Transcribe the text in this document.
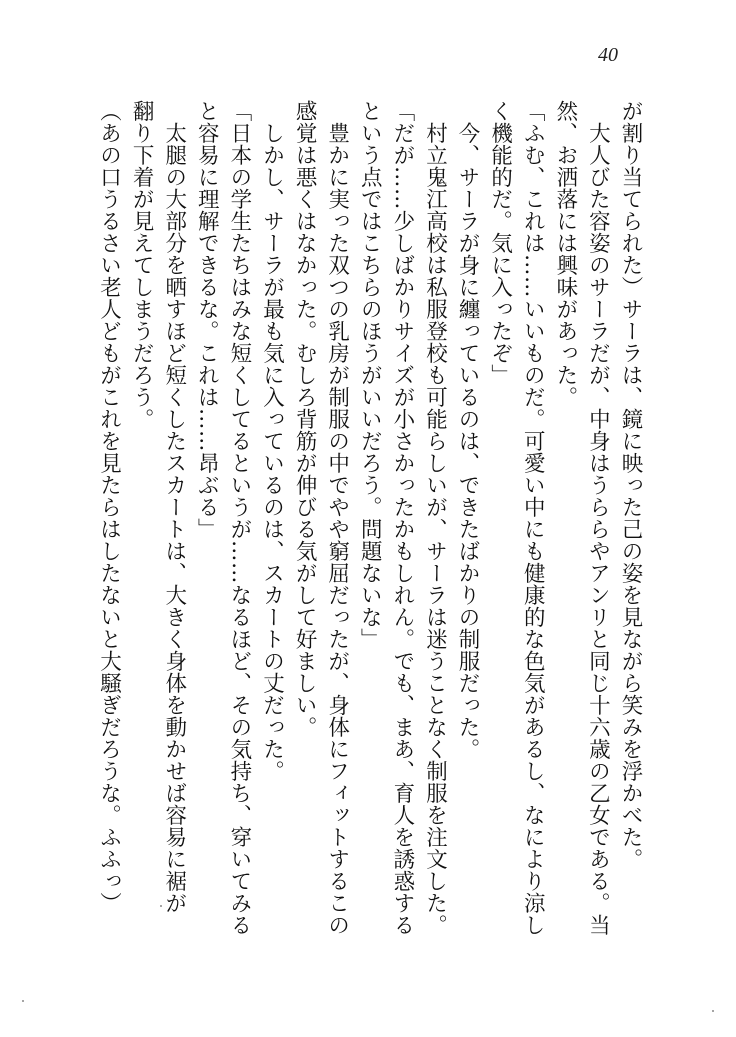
40
が割り当てられた）サーラは、鏡に映った己の姿を見ながら笑みを浮かべた。
　大人びた容姿のサーラだが、中身はうららやアンリと同じ十六歳の乙女である。当
然、お洒落には興味があった。
「ふむ、これは……いいものだ。可愛い中にも健康的な色気があるし、なにより涼し
く機能的だ。気に入ったぞ」
　今、サーラが身に纏っているのは、できたばかりの制服だった。
　村立鬼江高校は私服登校も可能らしいが、サーラは迷うことなく制服を注文した。
「だが……少しばかりサイズが小さかったかもしれん。でも、まあ、育人を誘惑する
という点ではこちらのほうがいいだろう。問題ないな」
　豊かに実った双つの乳房が制服の中でやや窮屈だったが、身体にフィットするこの
感覚は悪くはなかった。むしろ背筋が伸びる気がして好ましい。
　しかし、サーラが最も気に入っているのは、スカートの丈だった。
「日本の学生たちはみな短くしてるというが……なるほど、その気持ち、穿いてみる
と容易に理解できるな。これは……昂ぶる」
　太腿の大部分を晒すほど短くしたスカートは、大きく身体を動かせば容易に裾が
翻り下着が見えてしまうだろう。
（あの口うるさい老人どもがこれを見たらはしたないと大騒ぎだろうな。ふふっ）
